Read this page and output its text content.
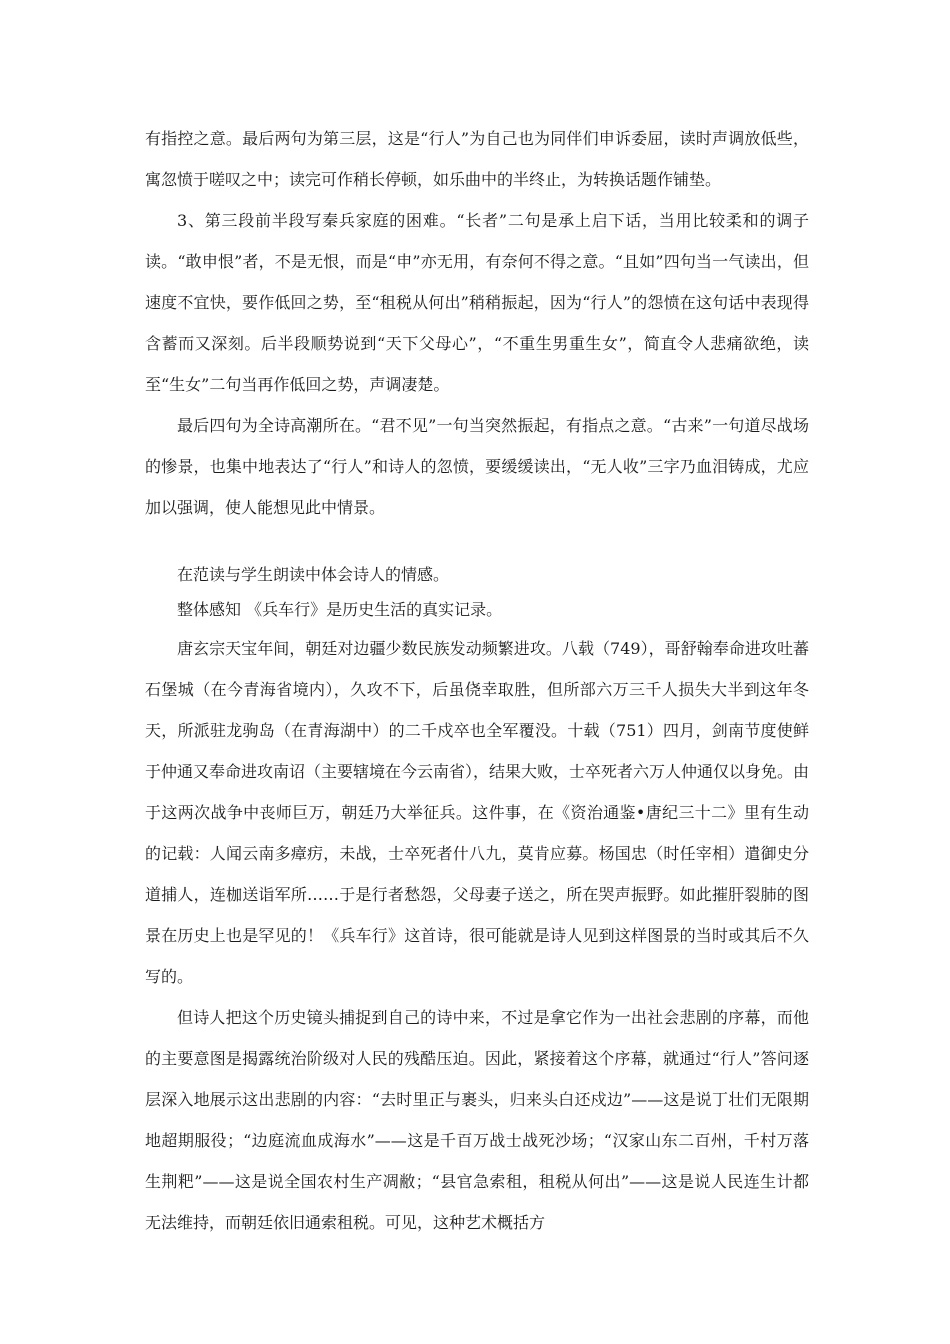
有指控之意。最后两句为第三层，这是“行人”为自己也为同伴们申诉委屈，读时声调放低些，寓忽愤于嗟叹之中；读完可作稍长停顿，如乐曲中的半终止，为转换话题作铺垫。

3、第三段前半段写秦兵家庭的困难。“长者”二句是承上启下话，当用比较柔和的调子读。“敢申恨”者，不是无恨，而是“申”亦无用，有奈何不得之意。“且如”四句当一气读出，但速度不宜快，要作低回之势，至“租税从何出”稍稍振起，因为“行人”的怨愤在这句话中表现得含蓄而又深刻。后半段顺势说到“天下父母心”，“不重生男重生女”，简直令人悲痛欲绝，读至“生女”二句当再作低回之势，声调凄楚。

最后四句为全诗高潮所在。“君不见”一句当突然振起，有指点之意。“古来”一句道尽战场的惨景，也集中地表达了“行人”和诗人的忽愤，要缓缓读出，“无人收”三字乃血泪铸成，尤应加以强调，使人能想见此中情景。

在范读与学生朗读中体会诗人的情感。

整体感知 《兵车行》是历史生活的真实记录。

唐玄宗天宝年间，朝廷对边疆少数民族发动频繁进攻。八载（749），哥舒翰奉命进攻吐蕃石堡城（在今青海省境内），久攻不下，后虽侥幸取胜，但所部六万三千人损失大半到这年冬天，所派驻龙驹岛（在青海湖中）的二千戍卒也全军覆没。十载（751）四月，剑南节度使鲜于仲通又奉命进攻南诏（主要辖境在今云南省），结果大败，士卒死者六万人仲通仅以身免。由于这两次战争中丧师巨万，朝廷乃大举征兵。这件事，在《资治通鉴•唐纪三十二》里有生动的记载：人闻云南多瘴疠，未战，士卒死者什八九，莫肯应募。杨国忠（时任宰相）遣御史分道捕人，连枷送诣军所……于是行者愁怨，父母妻子送之，所在哭声振野。如此摧肝裂肺的图景在历史上也是罕见的！《兵车行》这首诗，很可能就是诗人见到这样图景的当时或其后不久写的。

但诗人把这个历史镜头捕捉到自己的诗中来，不过是拿它作为一出社会悲剧的序幕，而他的主要意图是揭露统治阶级对人民的残酷压迫。因此，紧接着这个序幕，就通过“行人”答问逐层深入地展示这出悲剧的内容：“去时里正与裹头，归来头白还戍边”——这是说丁壮们无限期地超期服役；“边庭流血成海水”——这是千百万战士战死沙场；“汉家山东二百州，千村万落生荆粑”——这是说全国农村生产凋敝；“县官急索租，租税从何出”——这是说人民连生计都无法维持，而朝廷依旧通索租税。可见，这种艺术概括方
